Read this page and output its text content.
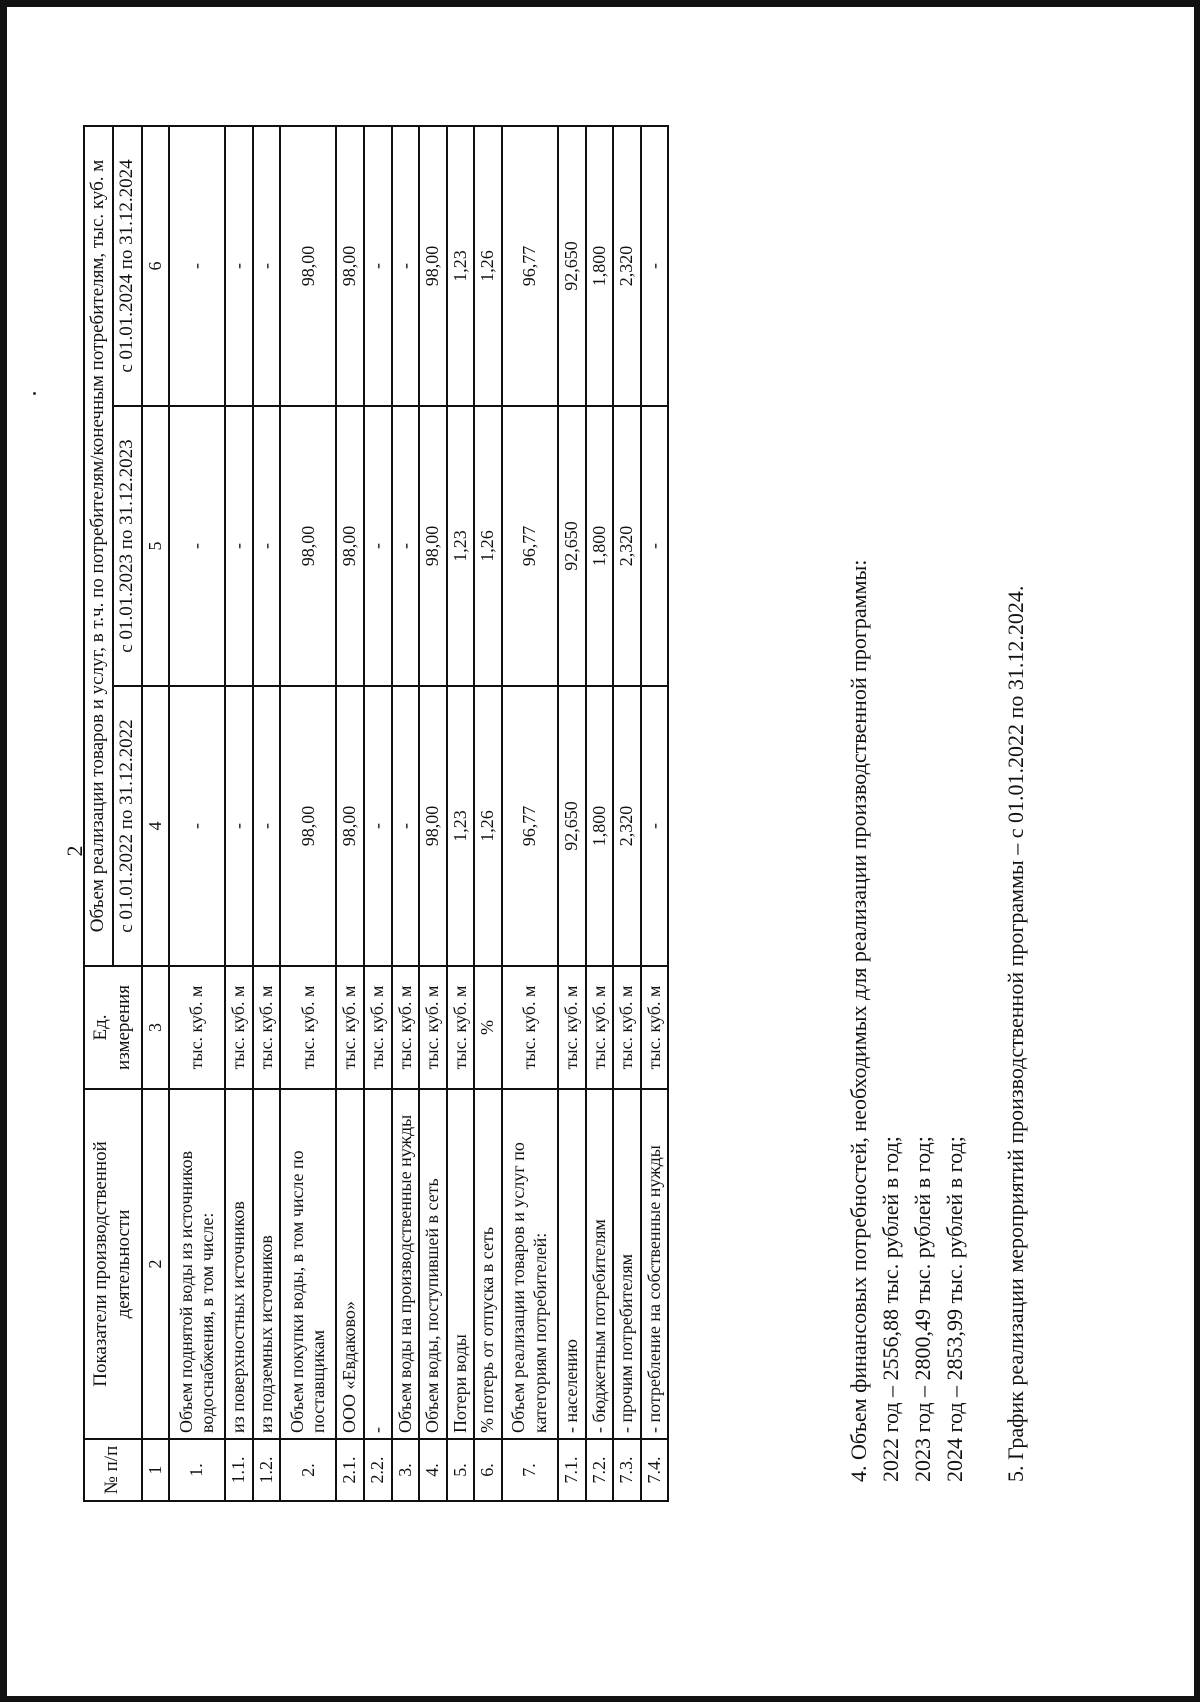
2
№ п/п	Показатели производственной деятельности	Ед. измерения	Объем реализации товаров и услуг, в т.ч. по потребителям/конечным потребителям, тыс. куб. м		
			с 01.01.2022 по 31.12.2022	с 01.01.2023 по 31.12.2023	с 01.01.2024 по 31.12.2024
1	2	3	4	5	6
1.	Объем поднятой воды из источников водоснабжения, в том числе:	тыс. куб. м	-	-	-
1.1.	из поверхностных источников	тыс. куб. м	-	-	-
1.2.	из подземных источников	тыс. куб. м	-	-	-
2.	Объем покупки воды, в том числе по поставщикам	тыс. куб. м	98,00	98,00	98,00
2.1.	ООО «Евдаково»	тыс. куб. м	98,00	98,00	98,00
2.2.	-	тыс. куб. м	-	-	-
3.	Объем воды на производственные нужды	тыс. куб. м	-	-	-
4.	Объем воды, поступившей в сеть	тыс. куб. м	98,00	98,00	98,00
5.	Потери воды	тыс. куб. м	1,23	1,23	1,23
6.	% потерь от отпуска в сеть	%	1,26	1,26	1,26
7.	Объем реализации товаров и услуг по категориям потребителей:	тыс. куб. м	96,77	96,77	96,77
7.1.	- населению	тыс. куб. м	92,650	92,650	92,650
7.2.	- бюджетным потребителям	тыс. куб. м	1,800	1,800	1,800
7.3.	- прочим потребителям	тыс. куб. м	2,320	2,320	2,320
7.4.	- потребление на собственные нужды	тыс. куб. м	-	-	-
4. Объем финансовых потребностей, необходимых для реализации производственной программы: 2022 год – 2556,88 тыс. рублей в год; 2023 год – 2800,49 тыс. рублей в год; 2024 год – 2853,99 тыс. рублей в год; 5. График реализации мероприятий производственной программы – с 01.01.2022 по 31.12.2024.
